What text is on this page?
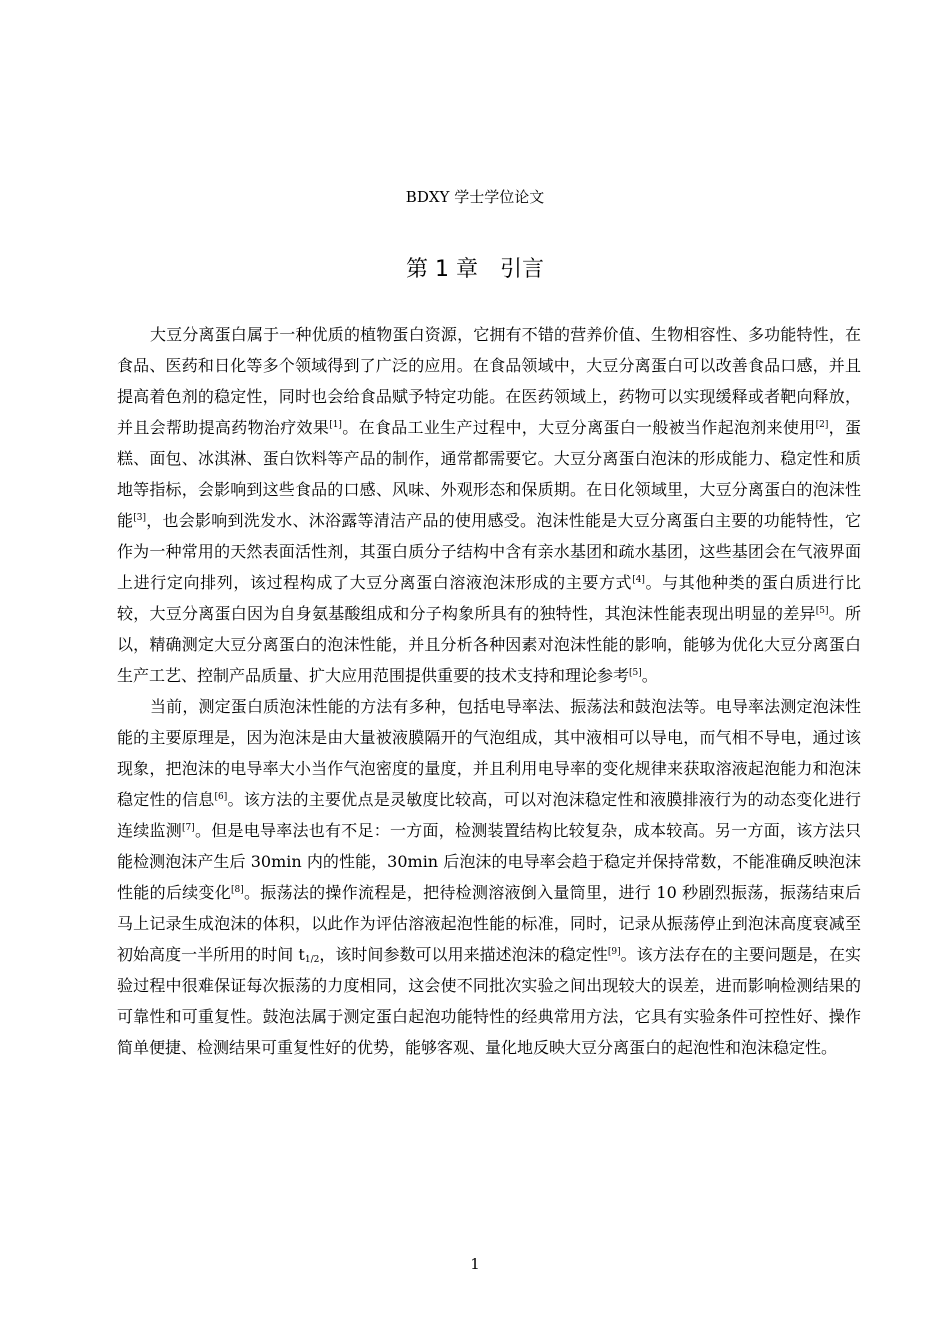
BDXY 学士学位论文
第 1 章 引言

大豆分离蛋白属于一种优质的植物蛋白资源，它拥有不错的营养价值、生物相容性、多功能特性，在食品、医药和日化等多个领域得到了广泛的应用。在食品领域中，大豆分离蛋白可以改善食品口感，并且提高着色剂的稳定性，同时也会给食品赋予特定功能。在医药领域上，药物可以实现缓释或者靶向释放，并且会帮助提高药物治疗效果[1]。在食品工业生产过程中，大豆分离蛋白一般被当作起泡剂来使用[2]，蛋糕、面包、冰淇淋、蛋白饮料等产品的制作，通常都需要它。大豆分离蛋白泡沫的形成能力、稳定性和质地等指标，会影响到这些食品的口感、风味、外观形态和保质期。在日化领域里，大豆分离蛋白的泡沫性能[3]，也会影响到洗发水、沐浴露等清洁产品的使用感受。泡沫性能是大豆分离蛋白主要的功能特性，它作为一种常用的天然表面活性剂，其蛋白质分子结构中含有亲水基团和疏水基团，这些基团会在气液界面上进行定向排列，该过程构成了大豆分离蛋白溶液泡沫形成的主要方式[4]。与其他种类的蛋白质进行比较，大豆分离蛋白因为自身氨基酸组成和分子构象所具有的独特性，其泡沫性能表现出明显的差异[5]。所以，精确测定大豆分离蛋白的泡沫性能，并且分析各种因素对泡沫性能的影响，能够为优化大豆分离蛋白生产工艺、控制产品质量、扩大应用范围提供重要的技术支持和理论参考[5]。

当前，测定蛋白质泡沫性能的方法有多种，包括电导率法、振荡法和鼓泡法等。电导率法测定泡沫性能的主要原理是，因为泡沫是由大量被液膜隔开的气泡组成，其中液相可以导电，而气相不导电，通过该现象，把泡沫的电导率大小当作气泡密度的量度，并且利用电导率的变化规律来获取溶液起泡能力和泡沫稳定性的信息[6]。该方法的主要优点是灵敏度比较高，可以对泡沫稳定性和液膜排液行为的动态变化进行连续监测[7]。但是电导率法也有不足：一方面，检测装置结构比较复杂，成本较高。另一方面，该方法只能检测泡沫产生后 30min 内的性能，30min 后泡沫的电导率会趋于稳定并保持常数，不能准确反映泡沫性能的后续变化[8]。振荡法的操作流程是，把待检测溶液倒入量筒里，进行 10 秒剧烈振荡，振荡结束后马上记录生成泡沫的体积，以此作为评估溶液起泡性能的标准，同时，记录从振荡停止到泡沫高度衰减至初始高度一半所用的时间 $t_{1/2}$，该时间参数可以用来描述泡沫的稳定性[9]。该方法存在的主要问题是，在实验过程中很难保证每次振荡的力度相同，这会使不同批次实验之间出现较大的误差，进而影响检测结果的可靠性和可重复性。鼓泡法属于测定蛋白起泡功能特性的经典常用方法，它具有实验条件可控性好、操作简单便捷、检测结果可重复性好的优势，能够客观、量化地反映大豆分离蛋白的起泡性和泡沫稳定性。

1
